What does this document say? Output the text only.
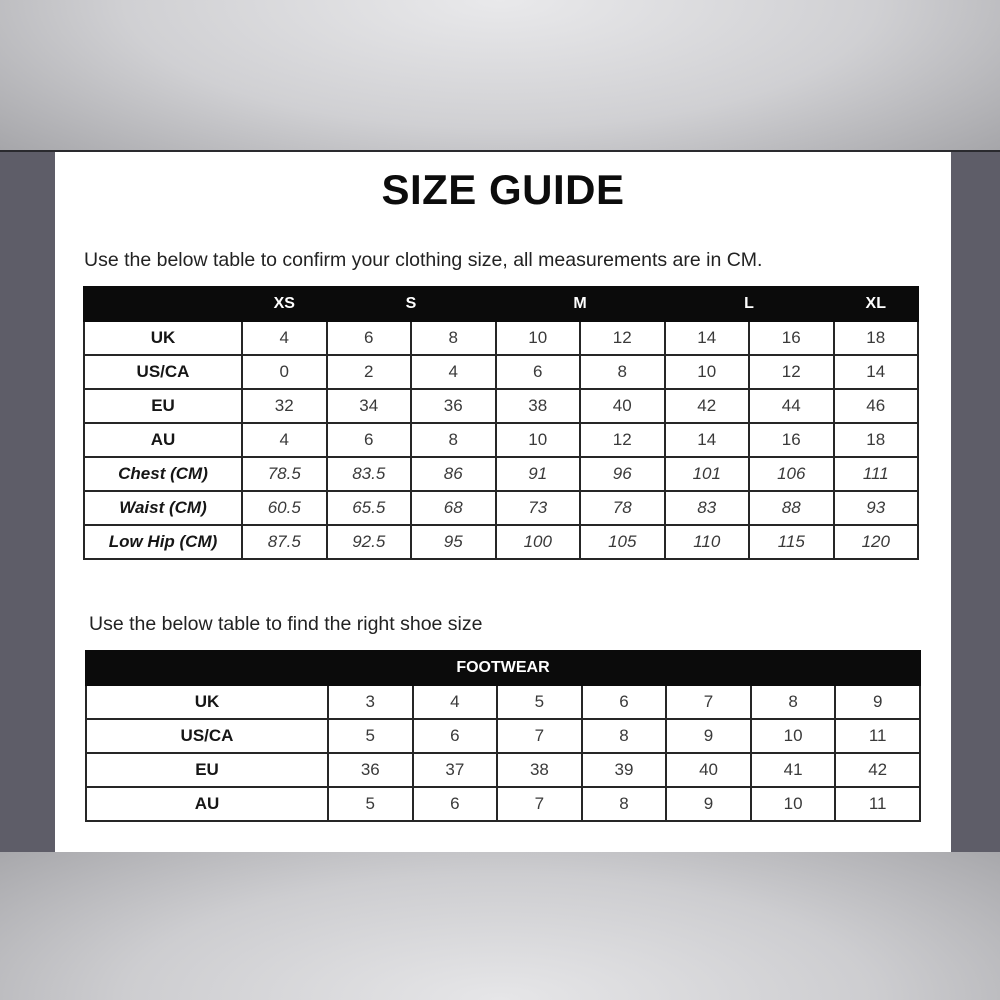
SIZE GUIDE
Use the below table to confirm your clothing size, all measurements are in CM.
	XS	S		M		L		XL
UK	4	6	8	10	12	14	16	18
US/CA	0	2	4	6	8	10	12	14
EU	32	34	36	38	40	42	44	46
AU	4	6	8	10	12	14	16	18
Chest (CM)	78.5	83.5	86	91	96	101	106	111
Waist (CM)	60.5	65.5	68	73	78	83	88	93
Low Hip (CM)	87.5	92.5	95	100	105	110	115	120
Use the below table to find the right shoe size
FOOTWEAR							
UK	3	4	5	6	7	8	9
US/CA	5	6	7	8	9	10	11
EU	36	37	38	39	40	41	42
AU	5	6	7	8	9	10	11
